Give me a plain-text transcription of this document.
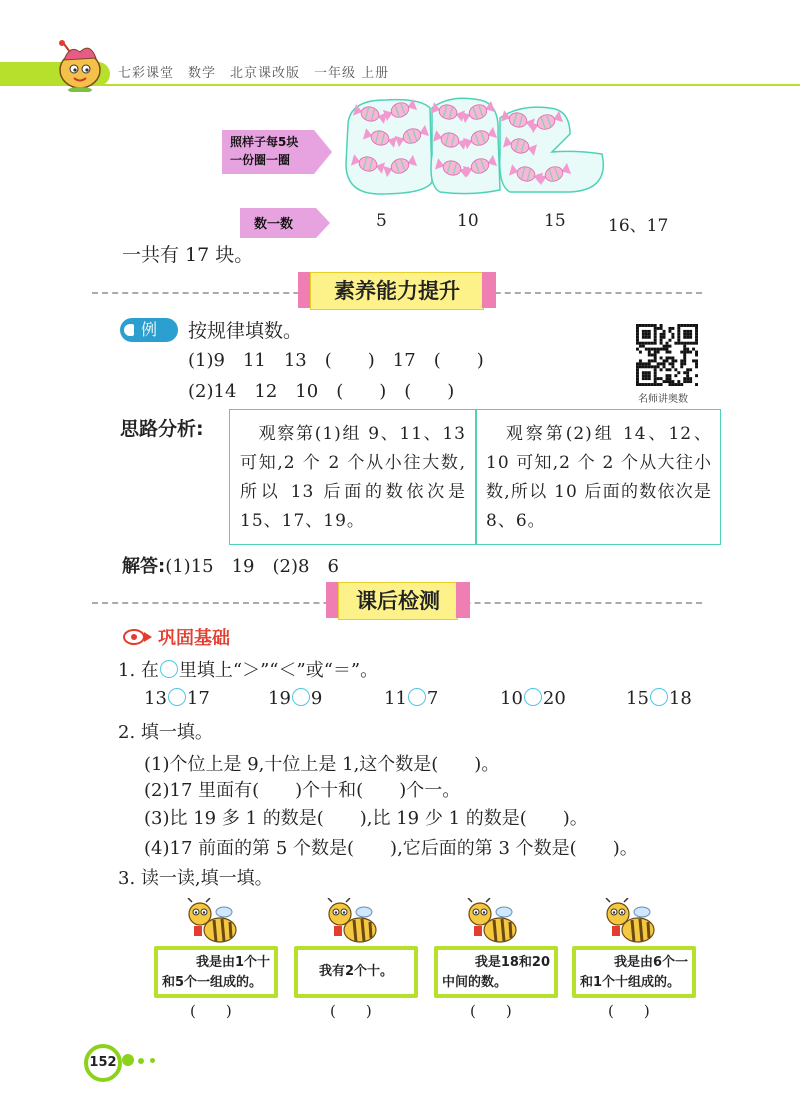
七彩课堂　数学　北京课改版　一年级 上册
照样子每5块
一份圈一圈
数一数	5	10	15 16、17
一共有 17 块。
素养能力提升
例	按规律填数。
(1)9　11　13　(　　)　17　(　　)
(2)14　12　10　(　　)　(　　)	名师讲奥数
思路分析: 　观察第(1)组 9、11、13 可知,2 个 2 个从小往大数,所以 13 后面的数依次是 15、17、19。
　观察第(2)组 14、12、10 可知,2 个 2 个从大往小数,所以 10 后面的数依次是 8、6。
解答:(1)15　19　(2)8　6
课后检测
巩固基础
1. 在 里填上“＞”“＜”或“＝”。
13 17	19 9	11 7	10 20	15 18
2. 填一填。
(1)个位上是 9,十位上是 1,这个数是(　　)。
(2)17 里面有(　　)个十和(　　)个一。
(3)比 19 多 1 的数是(　　),比 19 少 1 的数是(　　)。
(4)17 前面的第 5 个数是(　　),它后面的第 3 个数是(　　)。
3. 读一读,填一填。
我是由1个十
和5个一组成的。
(　　)
我有2个十。
(　　)
我是18和20
中间的数。
(　　)
我是由6个一
和1个十组成的。
(　　)
152
